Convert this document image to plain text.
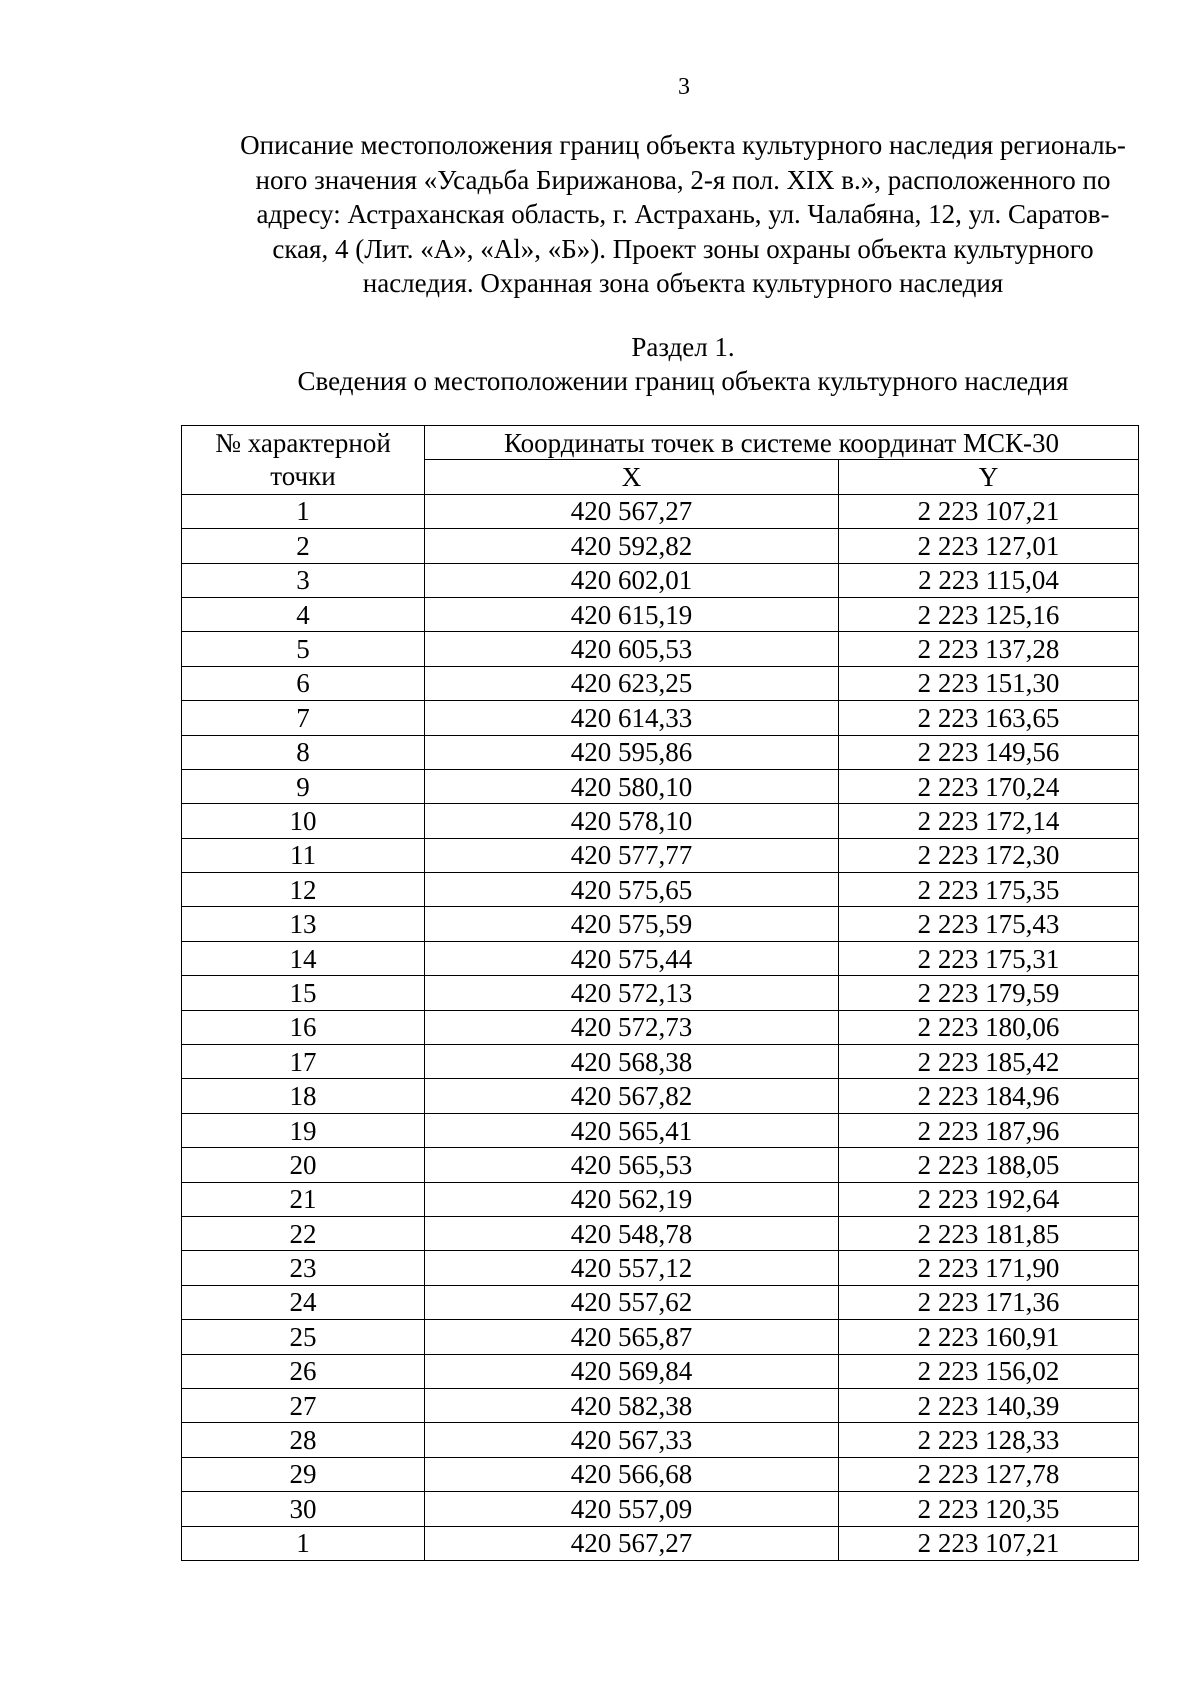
3
Описание местоположения границ объекта культурного наследия региональ-
ного значения «Усадьба Бирижанова, 2-я пол. XIX в.», расположенного по
адресу: Астраханская область, г. Астрахань, ул. Чалабяна, 12, ул. Саратов-
ская, 4 (Лит. «А», «Al», «Б»). Проект зоны охраны объекта культурного
наследия. Охранная зона объекта культурного наследия
Раздел 1.
Сведения о местоположении границ объекта культурного наследия
№ характерной
точки	Координаты точек в системе координат МСК-30	
	X	Y
1	420 567,27	2 223 107,21
2	420 592,82	2 223 127,01
3	420 602,01	2 223 115,04
4	420 615,19	2 223 125,16
5	420 605,53	2 223 137,28
6	420 623,25	2 223 151,30
7	420 614,33	2 223 163,65
8	420 595,86	2 223 149,56
9	420 580,10	2 223 170,24
10	420 578,10	2 223 172,14
11	420 577,77	2 223 172,30
12	420 575,65	2 223 175,35
13	420 575,59	2 223 175,43
14	420 575,44	2 223 175,31
15	420 572,13	2 223 179,59
16	420 572,73	2 223 180,06
17	420 568,38	2 223 185,42
18	420 567,82	2 223 184,96
19	420 565,41	2 223 187,96
20	420 565,53	2 223 188,05
21	420 562,19	2 223 192,64
22	420 548,78	2 223 181,85
23	420 557,12	2 223 171,90
24	420 557,62	2 223 171,36
25	420 565,87	2 223 160,91
26	420 569,84	2 223 156,02
27	420 582,38	2 223 140,39
28	420 567,33	2 223 128,33
29	420 566,68	2 223 127,78
30	420 557,09	2 223 120,35
1	420 567,27	2 223 107,21
